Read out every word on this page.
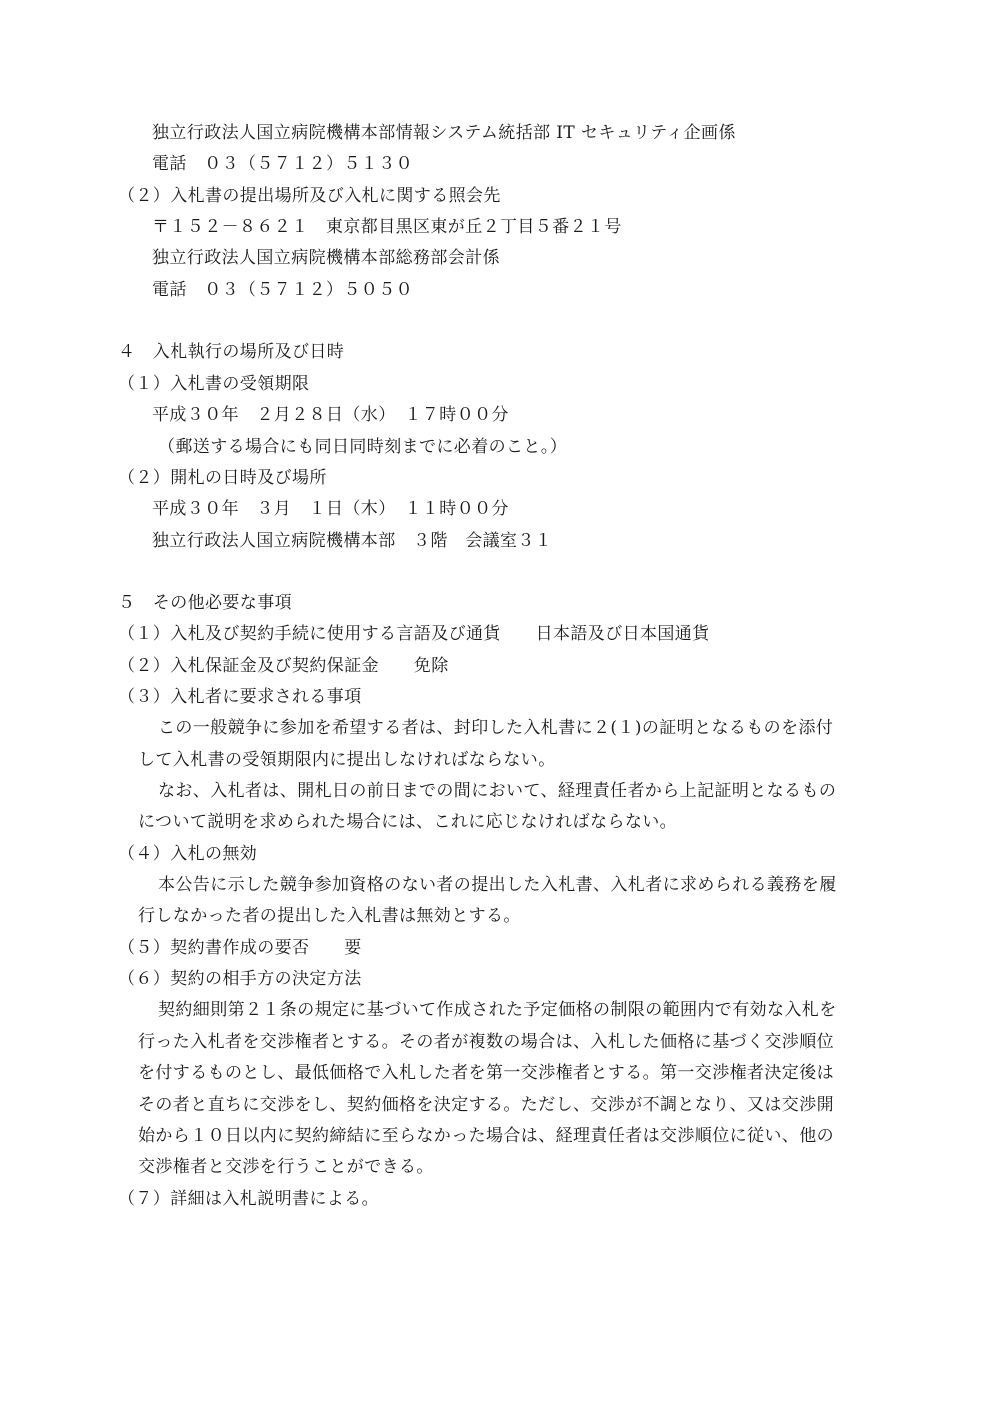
独立行政法人国立病院機構本部情報システム統括部 IT セキュリティ企画係
電話　０３（５７１２）５１３０
（２）入札書の提出場所及び入札に関する照会先
〒１５２－８６２１　東京都目黒区東が丘２丁目５番２１号
独立行政法人国立病院機構本部総務部会計係
電話　０３（５７１２）５０５０
４　入札執行の場所及び日時
（１）入札書の受領期限
平成３０年　２月２８日（水）　１７時００分
（郵送する場合にも同日同時刻までに必着のこと。）
（２）開札の日時及び場所
平成３０年　３月　１日（木）　１１時００分
独立行政法人国立病院機構本部　３階　会議室３１
５　その他必要な事項
（１）入札及び契約手続に使用する言語及び通貨　　日本語及び日本国通貨
（２）入札保証金及び契約保証金　　免除
（３）入札者に要求される事項
この一般競争に参加を希望する者は、封印した入札書に２(１)の証明となるものを添付
して入札書の受領期限内に提出しなければならない。
なお、入札者は、開札日の前日までの間において、経理責任者から上記証明となるもの
について説明を求められた場合には、これに応じなければならない。
（４）入札の無効
本公告に示した競争参加資格のない者の提出した入札書、入札者に求められる義務を履
行しなかった者の提出した入札書は無効とする。
（５）契約書作成の要否　　要
（６）契約の相手方の決定方法
契約細則第２１条の規定に基づいて作成された予定価格の制限の範囲内で有効な入札を
行った入札者を交渉権者とする。その者が複数の場合は、入札した価格に基づく交渉順位
を付するものとし、最低価格で入札した者を第一交渉権者とする。第一交渉権者決定後は
その者と直ちに交渉をし、契約価格を決定する。ただし、交渉が不調となり、又は交渉開
始から１０日以内に契約締結に至らなかった場合は、経理責任者は交渉順位に従い、他の
交渉権者と交渉を行うことができる。
（７）詳細は入札説明書による。
